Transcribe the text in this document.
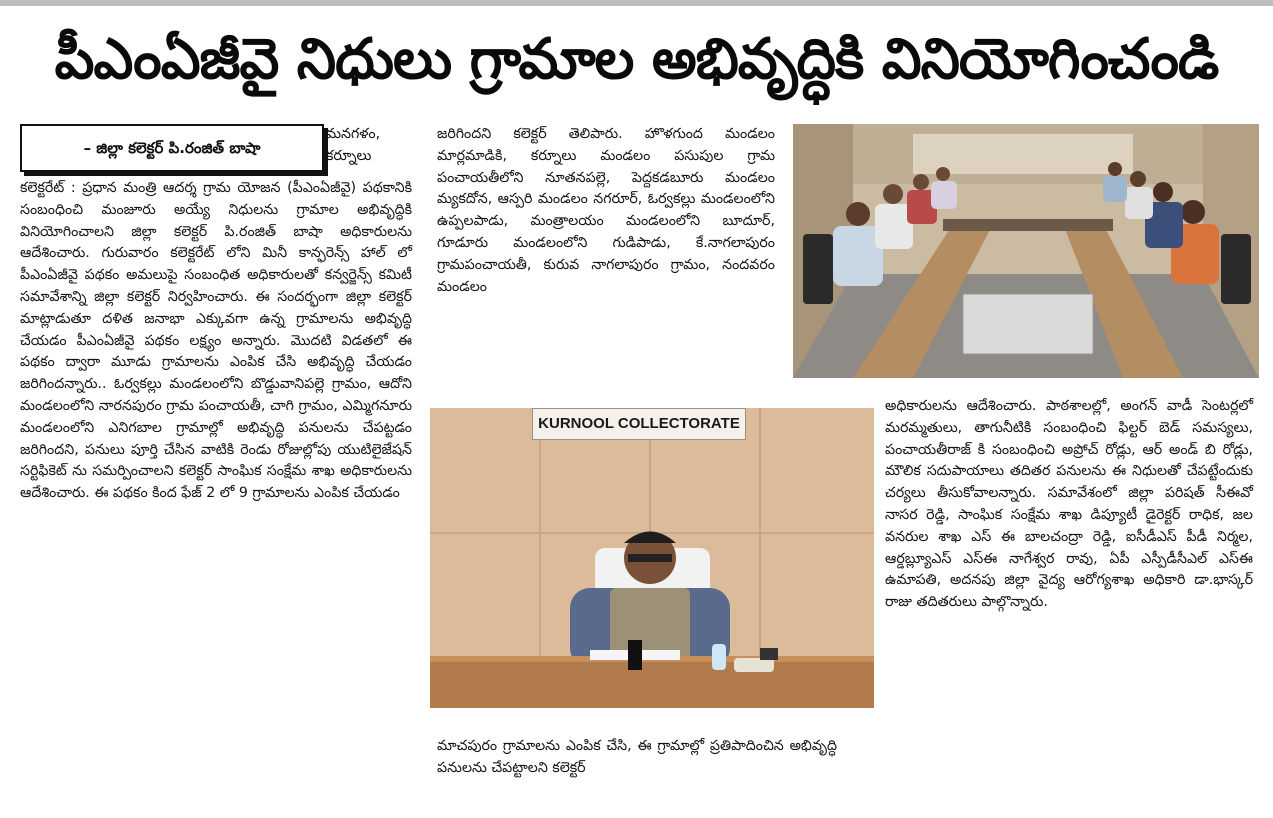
పీఎంఏజీవై నిధులు గ్రామాల అభివృద్ధికి వినియోగించండి
– జిల్లా కలెక్టర్ పి.రంజిత్ బాషా
మనగళం, కర్నూలు

కలెక్టరేట్ : ప్రధాన మంత్రి ఆదర్శ గ్రామ యోజన (పీఎంఏజీవై) పథకానికి సంబంధించి మంజూరు అయ్యే నిధులను గ్రామాల అభివృద్ధికి వినియోగించాలని జిల్లా కలెక్టర్ పి.రంజిత్ బాషా అధికారులను ఆదేశించారు. గురువారం కలెక్టరేట్ లోని మినీ కాన్ఫరెన్స్ హాల్ లో పీఎంఏజీవై పథకం అమలుపై సంబంధిత అధికారులతో కన్వర్జెన్స్ కమిటీ సమావేశాన్ని జిల్లా కలెక్టర్ నిర్వహించారు. ఈ సందర్భంగా జిల్లా కలెక్టర్ మాట్లాడుతూ దళిత జనాభా ఎక్కువగా ఉన్న గ్రామాలను అభివృద్ధి చేయడం పీఎంఏజీవై పథకం లక్ష్యం అన్నారు. మొదటి విడతలో ఈ పథకం ద్వారా మూడు గ్రామాలను ఎంపిక చేసి అభివృద్ధి చేయడం జరిగిందన్నారు.. ఓర్వకల్లు మండలంలోని బొడ్డువానిపల్లె గ్రామం, ఆదోని మండలంలోని నారనపురం గ్రామ పంచాయతీ, చాగి గ్రామం, ఎమ్మిగనూరు మండలంలోని ఎనిగబాల గ్రామాల్లో అభివృద్ధి పనులను చేపట్టడం జరిగిందని, పనులు పూర్తి చేసిన వాటికి రెండు రోజుల్లోపు యుటిలైజేషన్ సర్టిఫికెట్ ను సమర్పించాలని కలెక్టర్ సాంఘిక సంక్షేమ శాఖ అధికారులను ఆదేశించారు. ఈ పథకం కింద ఫేజ్ 2 లో 9 గ్రామాలను ఎంపిక చేయడం

జరిగిందని కలెక్టర్ తెలిపారు. హొళగుంద మండలం మార్లమాడికి, కర్నూలు మండలం పసుపుల గ్రామ పంచాయతీలోని నూతనపల్లె, పెద్దకడబూరు మండలం మ్యకదోన, ఆస్పరి మండలం నగరూర్, ఓర్వకల్లు మండలంలోని ఉప్పలపాడు, మంత్రాలయం మండలంలోని బూదూర్, గూడూరు మండలంలోని గుడిపాడు, కే.నాగలాపురం గ్రామపంచాయతీ, కురువ నాగలాపురం గ్రామం, నందవరం మండలం

KURNOOL COLLECTORATE

అధికారులను ఆదేశించారు. పాఠశాలల్లో, అంగన్ వాడీ సెంటర్లలో మరమ్మతులు, తాగునీటికి సంబంధించి ఫిల్టర్ బెడ్ సమస్యలు, పంచాయతీరాజ్ కి సంబంధించి అప్రోచ్ రోడ్లు, ఆర్ అండ్ బి రోడ్లు, మౌలిక సదుపాయాలు తదితర పనులను ఈ నిధులతో చేపట్టేందుకు చర్యలు తీసుకోవాలన్నారు. సమావేశంలో జిల్లా పరిషత్ సీఈవో నాసర రెడ్డి, సాంఘిక సంక్షేమ శాఖ డిప్యూటీ డైరెక్టర్ రాధిక, జల వనరుల శాఖ ఎస్ ఈ బాలచంద్రా రెడ్డి, ఐసీడీఎస్ పీడీ నిర్మల, ఆర్డబ్ల్యూఎస్ ఎస్ఈ నాగేశ్వర రావు, ఏపీ ఎస్పీడీసీఎల్ ఎస్ఈ ఉమాపతి, అదనపు జిల్లా వైద్య ఆరోగ్యశాఖ అధికారి డా.భాస్కర్ రాజు తదితరులు పాల్గొన్నారు.

మాచపురం గ్రామాలను ఎంపిక చేసి, ఈ గ్రామాల్లో ప్రతిపాదించిన అభివృద్ధి పనులను చేపట్టాలని కలెక్టర్
